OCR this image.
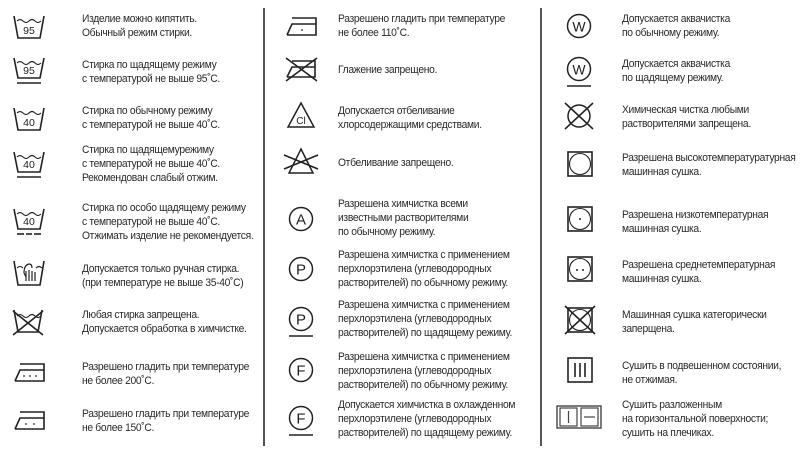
95
Изделие можно кипятить.
Обычный режим стирки.
95	Стирка по щадящему режиму
с температурой не выше 95˚С.
40
Стирка по обычному режиму
с температурой не выше 40˚С.
40
Стирка по щадящемурежиму
с температурой не выше 40˚С.
Рекомендован слабый отжим.
40
Стирка по особо щадящему режиму
с температурой не выше 40˚С.
Отжимать изделие не рекомендуется.
Допускается только ручная стирка.
(при температуре не выше 35-40˚С)
Любая стирка запрещена.
Допускается обработка в химчистке.
Разрешено гладить при температуре
не более 200˚С.
Разрешено гладить при температуре
не более 150˚С.
Разрешено гладить при температуре
не более 110˚С.
Глажение запрещено.
Cl
Допускается отбеливание
хлорсодержащими средствами.
Отбеливание запрещено.
A
Разрешена химчистка всеми
известными растворителями
по обычному режиму.
P
Разрешена химчистка с применением
перхлорэтилена (углеводородных
растворителей) по обычному режиму.
P
Разрешена химчистка с применением
перхлорэтилена (углеводородных
растворителей) по щадящему режиму.
F
Разрешена химчистка с применением
перхлорэтилена (углеводородных
растворителей) по обычному режиму.
F
Допускается химчистка в охлажденном
перхлорэтилене (углеводородных
растворителей) по щадящему режиму.
W	Допускается аквачистка
по обычному режиму.
W	Допускается аквачистка
по щадящему режиму.
Химическая чистка любыми
растворителями запрещена.
Разрешена высокотемпературатурная
машинная сушка.
Разрешена низкотемпературная
машинная сушка.
Разрешена среднетемпературная
машинная сушка.
Машинная сушка категорически
заперщена.
Сушить в подвешенном состоянии,
не отжимая.
Сушить разложенным
на горизонтальной поверхности;
сушить на плечиках.
